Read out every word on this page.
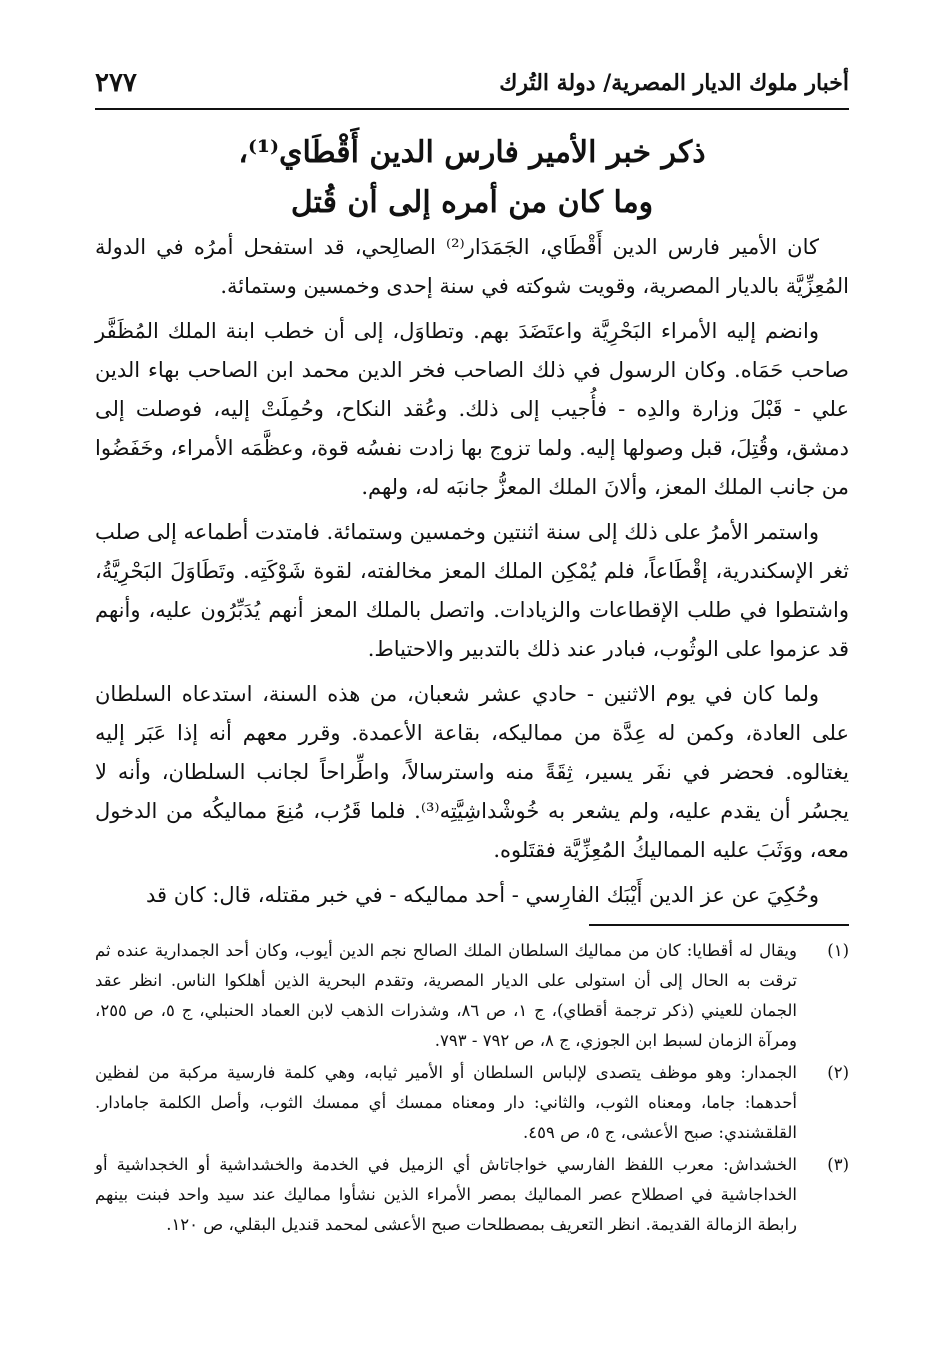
٢٧٧	أخبار ملوك الديار المصرية/ دولة التُرك
ذكر خبر الأمير فارس الدين أَقْطَاي⁽¹⁾،
وما كان من أمره إلى أن قُتل

كان الأمير فارس الدين أَقْطَاي، الجَمَدَار⁽²⁾ الصالِحي، قد استفحل أمرُه في الدولة المُعِزِّيَّة بالديار المصرية، وقويت شوكته في سنة إحدى وخمسين وستمائة.

وانضم إليه الأمراء البَحْرِيَّة واعتَضَدَ بهم. وتطاوَل، إلى أن خطب ابنة الملك المُظَفَّر صاحب حَمَاه. وكان الرسول في ذلك الصاحب فخر الدين محمد ابن الصاحب بهاء الدين علي - قَبْلَ وزارة والدِه - فأُجيب إلى ذلك. وعُقد النكاح، وحُمِلَتْ إليه، فوصلت إلى دمشق، وقُتِلَ، قبل وصولها إليه. ولما تزوج بها زادت نفسُه قوة، وعظَّمَه الأمراء، وخَفَضُوا من جانب الملك المعز، وألانَ الملك المعزُّ جانبَه له، ولهم.

واستمر الأمرُ على ذلك إلى سنة اثنتين وخمسين وستمائة. فامتدت أطماعه إلى صلب ثغر الإسكندرية، إقْطَاعاً، فلم يُمْكِن الملك المعز مخالفته، لقوة شَوْكَتِه. وتَطَاوَلَ البَحْرِيَّةُ، واشتطوا في طلب الإقطاعات والزيادات. واتصل بالملك المعز أنهم يُدَبِّرُون عليه، وأنهم قد عزموا على الوثُوب، فبادر عند ذلك بالتدبير والاحتياط.

ولما كان في يوم الاثنين - حادي عشر شعبان، من هذه السنة، استدعاه السلطان على العادة، وكمن له عِدَّة من مماليكه، بقاعة الأعمدة. وقرر معهم أنه إذا عَبَر إليه يغتالوه. فحضر في نفَر يسير، ثِقَةً منه واسترسالاً، واطِّراحاً لجانب السلطان، وأنه لا يجسُر أن يقدم عليه، ولم يشعر به خُوشْداشِيَّتِه⁽³⁾. فلما قَرُب، مُنِعَ مماليكُه من الدخول معه، ووَثَبَ عليه المماليكُ المُعِزِّيَّة فقتَلوه.

وحُكِيَ عن عز الدين أَيْبَك الفارِسي - أحد مماليكه - في خبر مقتله، قال: كان قد

(١)
ويقال له أقطايا: كان من مماليك السلطان الملك الصالح نجم الدين أيوب، وكان أحد الجمدارية عنده ثم ترقت به الحال إلى أن استولى على الديار المصرية، وتقدم البحرية الذين أهلكوا الناس. انظر عقد الجمان للعيني (ذكر ترجمة أقطاي)، ج ١، ص ٨٦، وشذرات الذهب لابن العماد الحنبلي، ج ٥، ص ٢٥٥، ومرآة الزمان لسبط ابن الجوزي، ج ٨، ص ٧٩٢ - ٧٩٣.
(٢)
الجمدار: وهو موظف يتصدى لإلباس السلطان أو الأمير ثيابه، وهي كلمة فارسية مركبة من لفظين أحدهما: جاما، ومعناه الثوب، والثاني: دار ومعناه ممسك أي ممسك الثوب، وأصل الكلمة جامادار. القلقشندي: صبح الأعشى، ج ٥، ص ٤٥٩.
(٣)
الخشداش: معرب اللفظ الفارسي خواجاتاش أي الزميل في الخدمة والخشداشية أو الخجداشية أو الخداجاشية في اصطلاح عصر المماليك بمصر الأمراء الذين نشأوا مماليك عند سيد واحد فبنت بينهم رابطة الزمالة القديمة. انظر التعريف بمصطلحات صبح الأعشى لمحمد قنديل البقلي، ص ١٢٠.
